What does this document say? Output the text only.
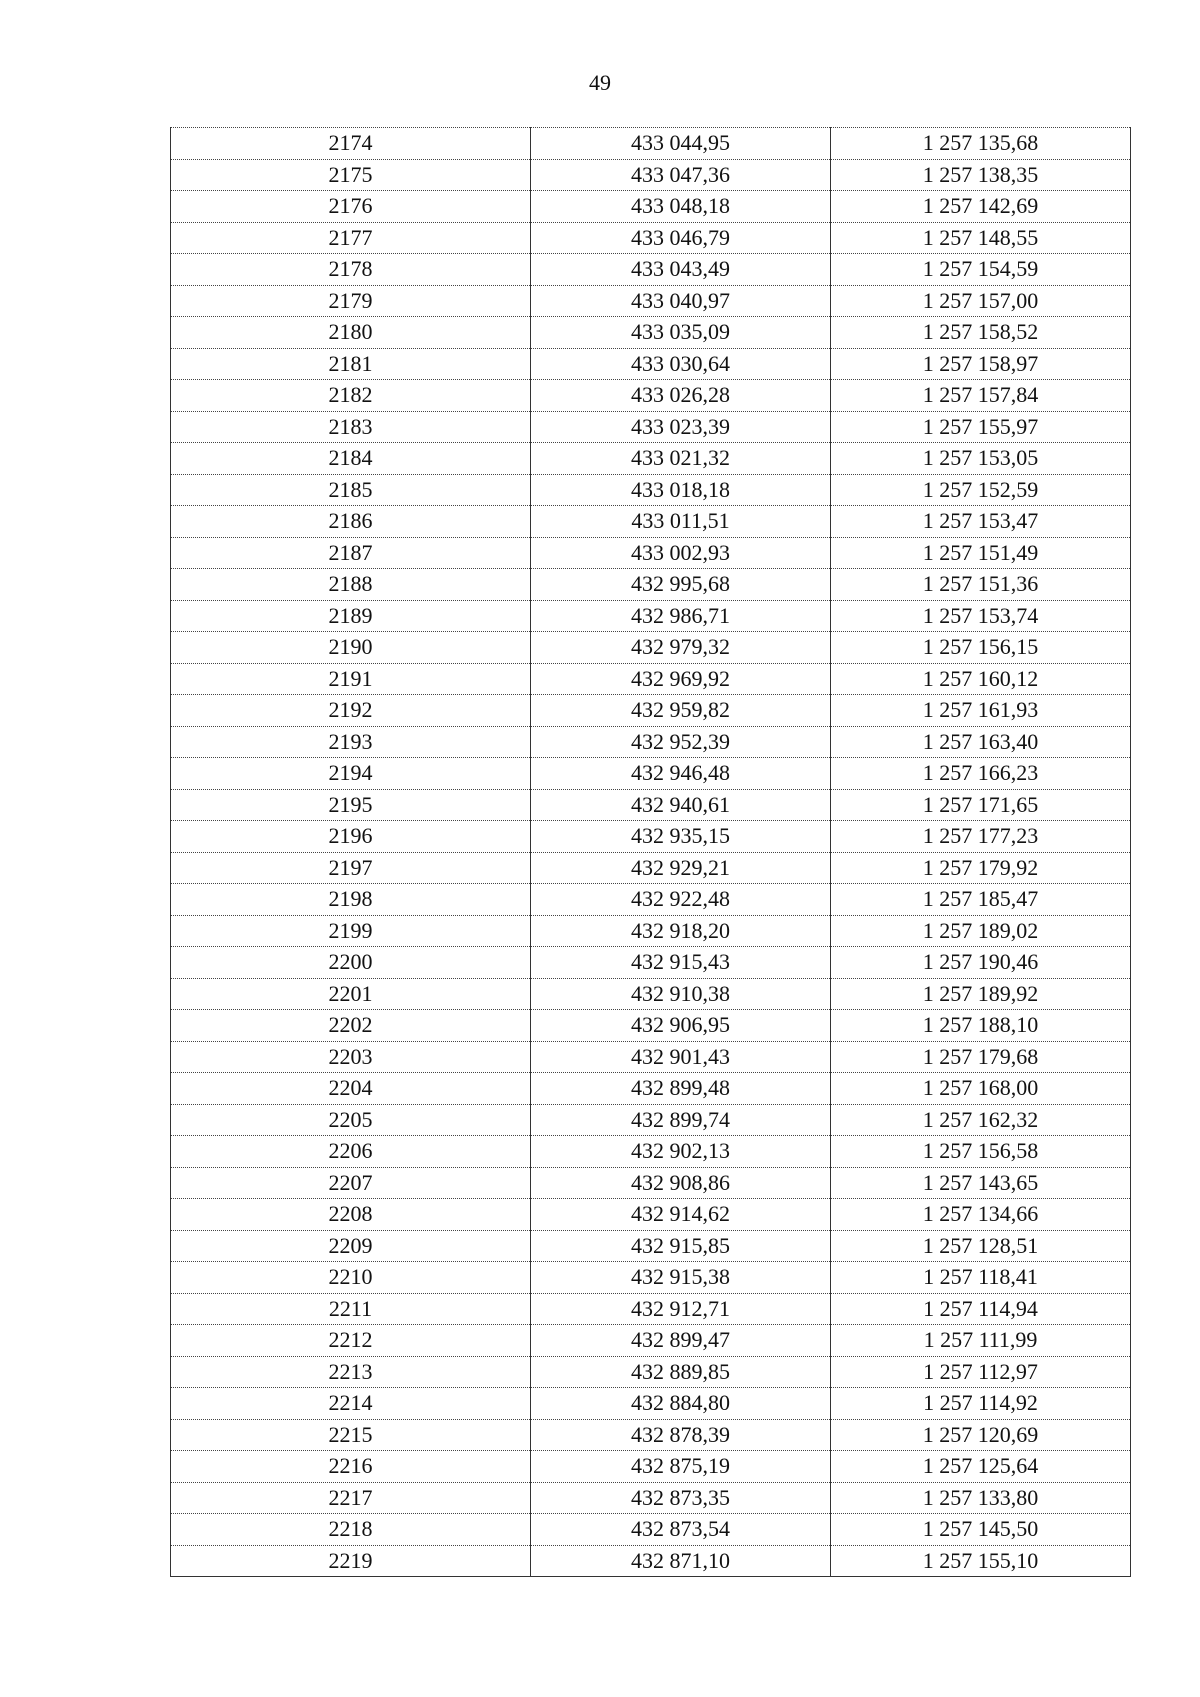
49
2174	433 044,95	1 257 135,68
2175	433 047,36	1 257 138,35
2176	433 048,18	1 257 142,69
2177	433 046,79	1 257 148,55
2178	433 043,49	1 257 154,59
2179	433 040,97	1 257 157,00
2180	433 035,09	1 257 158,52
2181	433 030,64	1 257 158,97
2182	433 026,28	1 257 157,84
2183	433 023,39	1 257 155,97
2184	433 021,32	1 257 153,05
2185	433 018,18	1 257 152,59
2186	433 011,51	1 257 153,47
2187	433 002,93	1 257 151,49
2188	432 995,68	1 257 151,36
2189	432 986,71	1 257 153,74
2190	432 979,32	1 257 156,15
2191	432 969,92	1 257 160,12
2192	432 959,82	1 257 161,93
2193	432 952,39	1 257 163,40
2194	432 946,48	1 257 166,23
2195	432 940,61	1 257 171,65
2196	432 935,15	1 257 177,23
2197	432 929,21	1 257 179,92
2198	432 922,48	1 257 185,47
2199	432 918,20	1 257 189,02
2200	432 915,43	1 257 190,46
2201	432 910,38	1 257 189,92
2202	432 906,95	1 257 188,10
2203	432 901,43	1 257 179,68
2204	432 899,48	1 257 168,00
2205	432 899,74	1 257 162,32
2206	432 902,13	1 257 156,58
2207	432 908,86	1 257 143,65
2208	432 914,62	1 257 134,66
2209	432 915,85	1 257 128,51
2210	432 915,38	1 257 118,41
2211	432 912,71	1 257 114,94
2212	432 899,47	1 257 111,99
2213	432 889,85	1 257 112,97
2214	432 884,80	1 257 114,92
2215	432 878,39	1 257 120,69
2216	432 875,19	1 257 125,64
2217	432 873,35	1 257 133,80
2218	432 873,54	1 257 145,50
2219	432 871,10	1 257 155,10
